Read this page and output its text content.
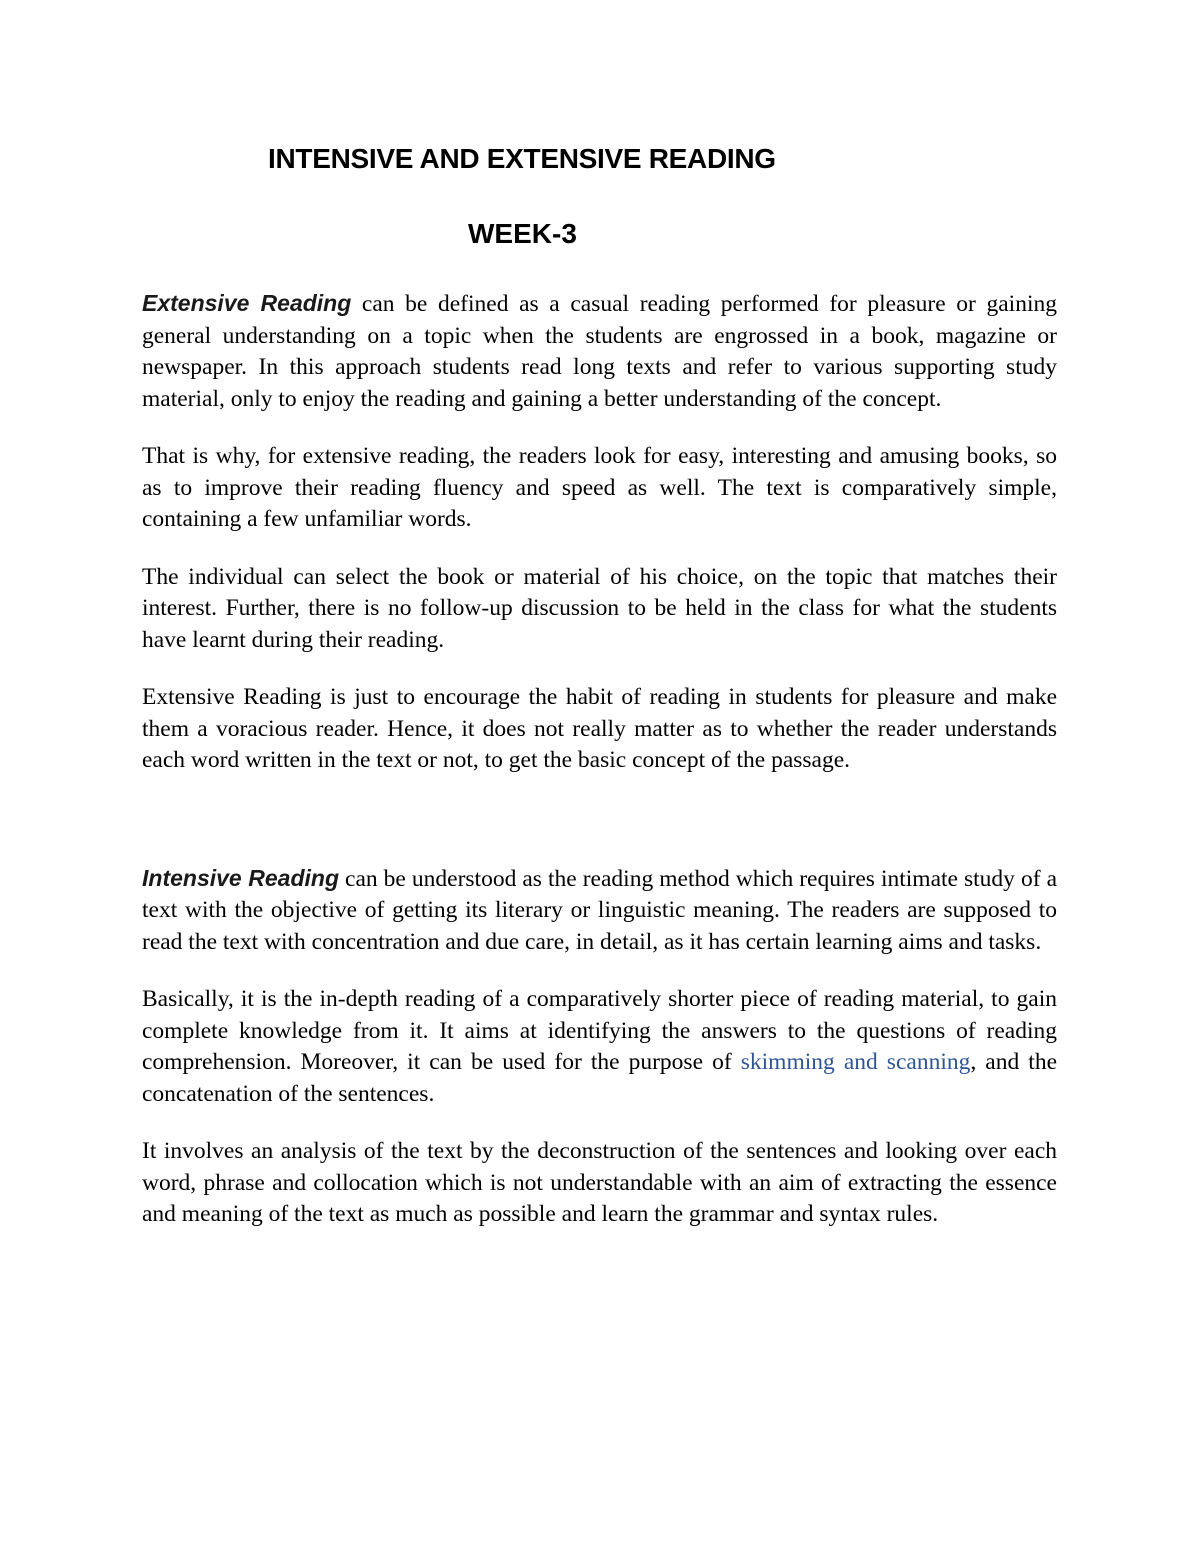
INTENSIVE AND EXTENSIVE READING
WEEK-3

Extensive Reading can be defined as a casual reading performed for pleasure or gaining general understanding on a topic when the students are engrossed in a book, magazine or newspaper. In this approach students read long texts and refer to various supporting study material, only to enjoy the reading and gaining a better understanding of the concept.

That is why, for extensive reading, the readers look for easy, interesting and amusing books, so as to improve their reading fluency and speed as well. The text is comparatively simple, containing a few unfamiliar words.

The individual can select the book or material of his choice, on the topic that matches their interest. Further, there is no follow-up discussion to be held in the class for what the students have learnt during their reading.

Extensive Reading is just to encourage the habit of reading in students for pleasure and make them a voracious reader. Hence, it does not really matter as to whether the reader understands each word written in the text or not, to get the basic concept of the passage.

Intensive Reading can be understood as the reading method which requires intimate study of a text with the objective of getting its literary or linguistic meaning. The readers are supposed to read the text with concentration and due care, in detail, as it has certain learning aims and tasks.

Basically, it is the in-depth reading of a comparatively shorter piece of reading material, to gain complete knowledge from it. It aims at identifying the answers to the questions of reading comprehension. Moreover, it can be used for the purpose of skimming and scanning, and the concatenation of the sentences.

It involves an analysis of the text by the deconstruction of the sentences and looking over each word, phrase and collocation which is not understandable with an aim of extracting the essence and meaning of the text as much as possible and learn the grammar and syntax rules.
